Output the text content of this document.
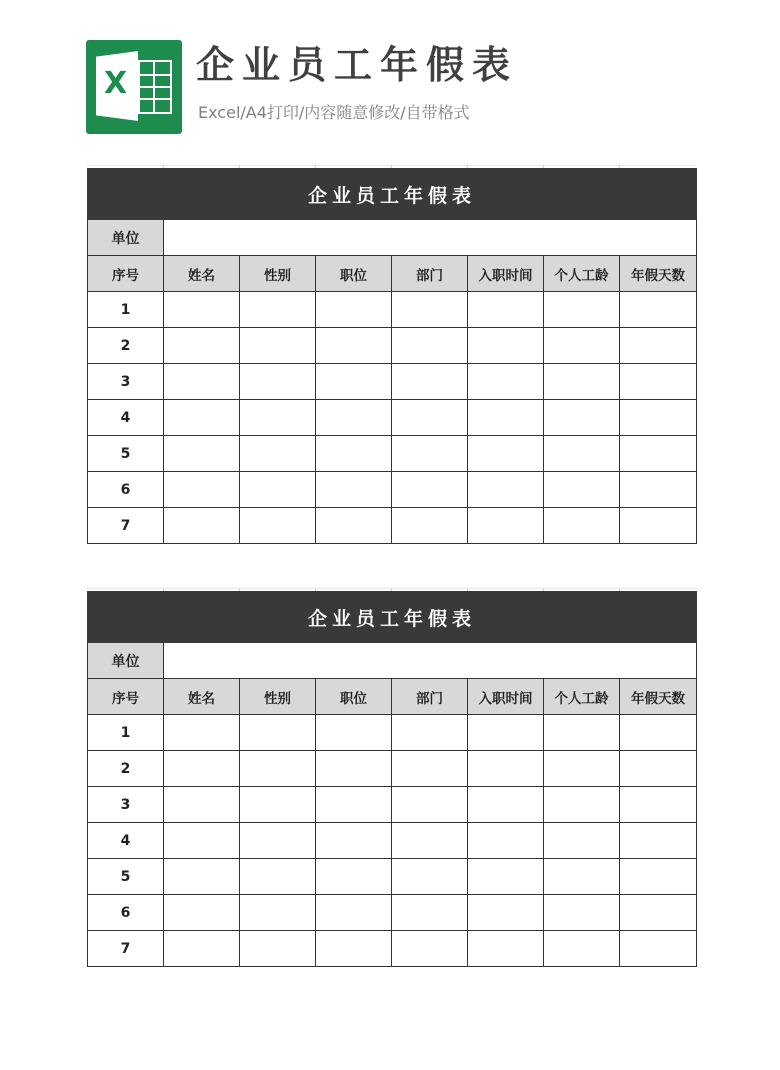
X 企业员工年假表
Excel/A4打印/内容随意修改/自带格式
企业员工年假表							
单位							
序号	姓名	性别	职位	部门	入职时间	个人工龄	年假天数
1							
2							
3							
4							
5							
6							
7							
企业员工年假表							
单位							
序号	姓名	性别	职位	部门	入职时间	个人工龄	年假天数
1							
2							
3							
4							
5							
6							
7							
